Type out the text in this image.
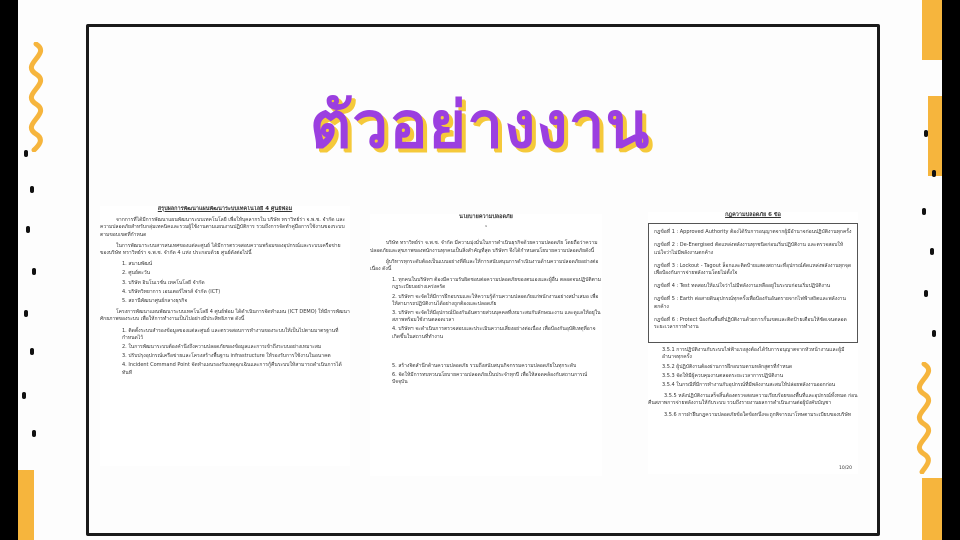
ตัวอย่างงาน
สรุปผลการพัฒนาแผนพัฒนาระบบเทคโนโลยี 4 ศูนย์ฟ่อม

จากการที่ได้มีการพัฒนาแผนพัฒนาระบบเทคโนโลยี เพื่อให้บุคลากรใน บริษัท ทราวิทย์ร่า จ.พ.ช. จำกัด และความปลอดภัยสำหรับกลุ่มเทคนิคและรวมผู้ใช้งานตามแผนงานปฏิบัติการ รวมถึงการจัดทำคู่มือการใช้งานของระบบตามขอบเขตที่กำหนด

ในการพัฒนาระบบสารสนเทศของแต่ละศูนย์ ได้มีการตรวจสอบความพร้อมของอุปกรณ์และระบบเครือข่าย ของบริษัท ทราวิทย์ร่า จ.พ.ช. จำกัด 4 แห่ง ประกอบด้วย ศูนย์ดังต่อไปนี้

1. สนามพัฒน์
2. ศูนย์ตะวัน
3. บริษัท อินโนเวชั่น เทคโนโลยี จำกัด
4. บริษัทวิทยาการ เอนเตอร์ไพรส์ จำกัด (ICT)
5. สถานีพัฒนาศูนย์กลางธุรกิจ

โครงการพัฒนาแผนพัฒนาระบบเทคโนโลยี 4 ศูนย์ฟ่อม ได้ดำเนินการจัดทำแผน (ICT DEMO) ให้มีการพัฒนาศักยภาพของระบบ เพื่อให้การทำงานเป็นไปอย่างมีประสิทธิภาพ ดังนี้

1. ติดตั้งระบบสำรองข้อมูลของแต่ละศูนย์ และตรวจสอบการทำงานของระบบให้เป็นไปตามมาตรฐานที่กำหนดไว้
2. ในการพัฒนาระบบต้องคำนึงถึงความปลอดภัยของข้อมูลและการเข้าถึงระบบอย่างเหมาะสม
3. ปรับปรุงอุปกรณ์เครือข่ายและโครงสร้างพื้นฐาน infrastructure ให้รองรับการใช้งานในอนาคต
4. Incident Command Point จัดทำแผนรองรับเหตุฉุกเฉินและการกู้คืนระบบให้สามารถดำเนินการได้ทันที
นโยบายความปลอดภัย
¹

บริษัท ทราวิทย์ร่า จ.พ.ช. จำกัด มีความมุ่งมั่นในการดำเนินธุรกิจด้วยความปลอดภัย โดยถือว่าความปลอดภัยและสุขภาพของพนักงานทุกคนเป็นสิ่งสำคัญที่สุด บริษัทฯ จึงได้กำหนดนโยบายความปลอดภัยดังนี้

ผู้บริหารทุกระดับต้องเป็นแบบอย่างที่ดีและให้การสนับสนุนการดำเนินงานด้านความปลอดภัยอย่างต่อเนื่อง ดังนี้

1. ทุกคนในบริษัทฯ ต้องมีความรับผิดชอบต่อความปลอดภัยของตนเองและผู้อื่น ตลอดจนปฏิบัติตามกฎระเบียบอย่างเคร่งครัด
2. บริษัทฯ จะจัดให้มีการฝึกอบรมและให้ความรู้ด้านความปลอดภัยแก่พนักงานอย่างสม่ำเสมอ เพื่อให้สามารถปฏิบัติงานได้อย่างถูกต้องและปลอดภัย
3. บริษัทฯ จะจัดให้มีอุปกรณ์ป้องกันอันตรายส่วนบุคคลที่เหมาะสมกับลักษณะงาน และดูแลให้อยู่ในสภาพพร้อมใช้งานตลอดเวลา
4. บริษัทฯ จะดำเนินการตรวจสอบและประเมินความเสี่ยงอย่างต่อเนื่อง เพื่อป้องกันอุบัติเหตุที่อาจเกิดขึ้นในสถานที่ทำงาน
5. สร้างจิตสำนึกด้านความปลอดภัย รวมถึงสนับสนุนกิจกรรมความปลอดภัยในทุกระดับ
6. จัดให้มีการทบทวนนโยบายความปลอดภัยเป็นประจำทุกปี เพื่อให้สอดคล้องกับสถานการณ์ปัจจุบัน
กฎความปลอดภัย 6 ข้อ

กฎข้อที่ 1 : Approved Authority ต้องได้รับการอนุญาตจากผู้มีอำนาจก่อนปฏิบัติงานทุกครั้ง

กฎข้อที่ 2 : De-Energised ตัดแหล่งพลังงานทุกชนิดก่อนเริ่มปฏิบัติงาน และตรวจสอบให้แน่ใจว่าไม่มีพลังงานตกค้าง

กฎข้อที่ 3 : Lockout - Tagout ล็อกและติดป้ายแสดงสถานะที่อุปกรณ์ตัดแหล่งพลังงานทุกจุดเพื่อป้องกันการจ่ายพลังงานโดยไม่ตั้งใจ

กฎข้อที่ 4 : Test ทดสอบให้แน่ใจว่าไม่มีพลังงานเหลืออยู่ในระบบก่อนเริ่มปฏิบัติงาน

กฎข้อที่ 5 : Earth ต่อสายดินอุปกรณ์ทุกครั้งเพื่อป้องกันอันตรายจากไฟฟ้าสถิตและพลังงานตกค้าง

กฎข้อที่ 6 : Protect ป้องกันพื้นที่ปฏิบัติงานด้วยการกั้นเขตและติดป้ายเตือนให้ชัดเจนตลอดระยะเวลาการทำงาน

3.5.1 การปฏิบัติงานกับระบบไฟฟ้าแรงสูงต้องได้รับการอนุญาตจากหัวหน้างานและผู้มีอำนาจทุกครั้ง
3.5.2 ผู้ปฏิบัติงานต้องผ่านการฝึกอบรมตามหลักสูตรที่กำหนด
3.5.3 จัดให้มีผู้ควบคุมงานตลอดระยะเวลาการปฏิบัติงาน
3.5.4 ในกรณีที่มีการทำงานกับอุปกรณ์ที่มีพลังงานสะสมให้ปล่อยพลังงานออกก่อน

3.5.5 หลังปฏิบัติงานเสร็จสิ้นต้องตรวจสอบความเรียบร้อยของพื้นที่และอุปกรณ์ทั้งหมด ก่อนคืนสภาพการจ่ายพลังงานให้กับระบบ รวมถึงรายงานผลการดำเนินงานต่อผู้บังคับบัญชา

3.5.6 การฝ่าฝืนกฎความปลอดภัยข้อใดข้อหนึ่งจะถูกพิจารณาโทษตามระเบียบของบริษัท

10/20
